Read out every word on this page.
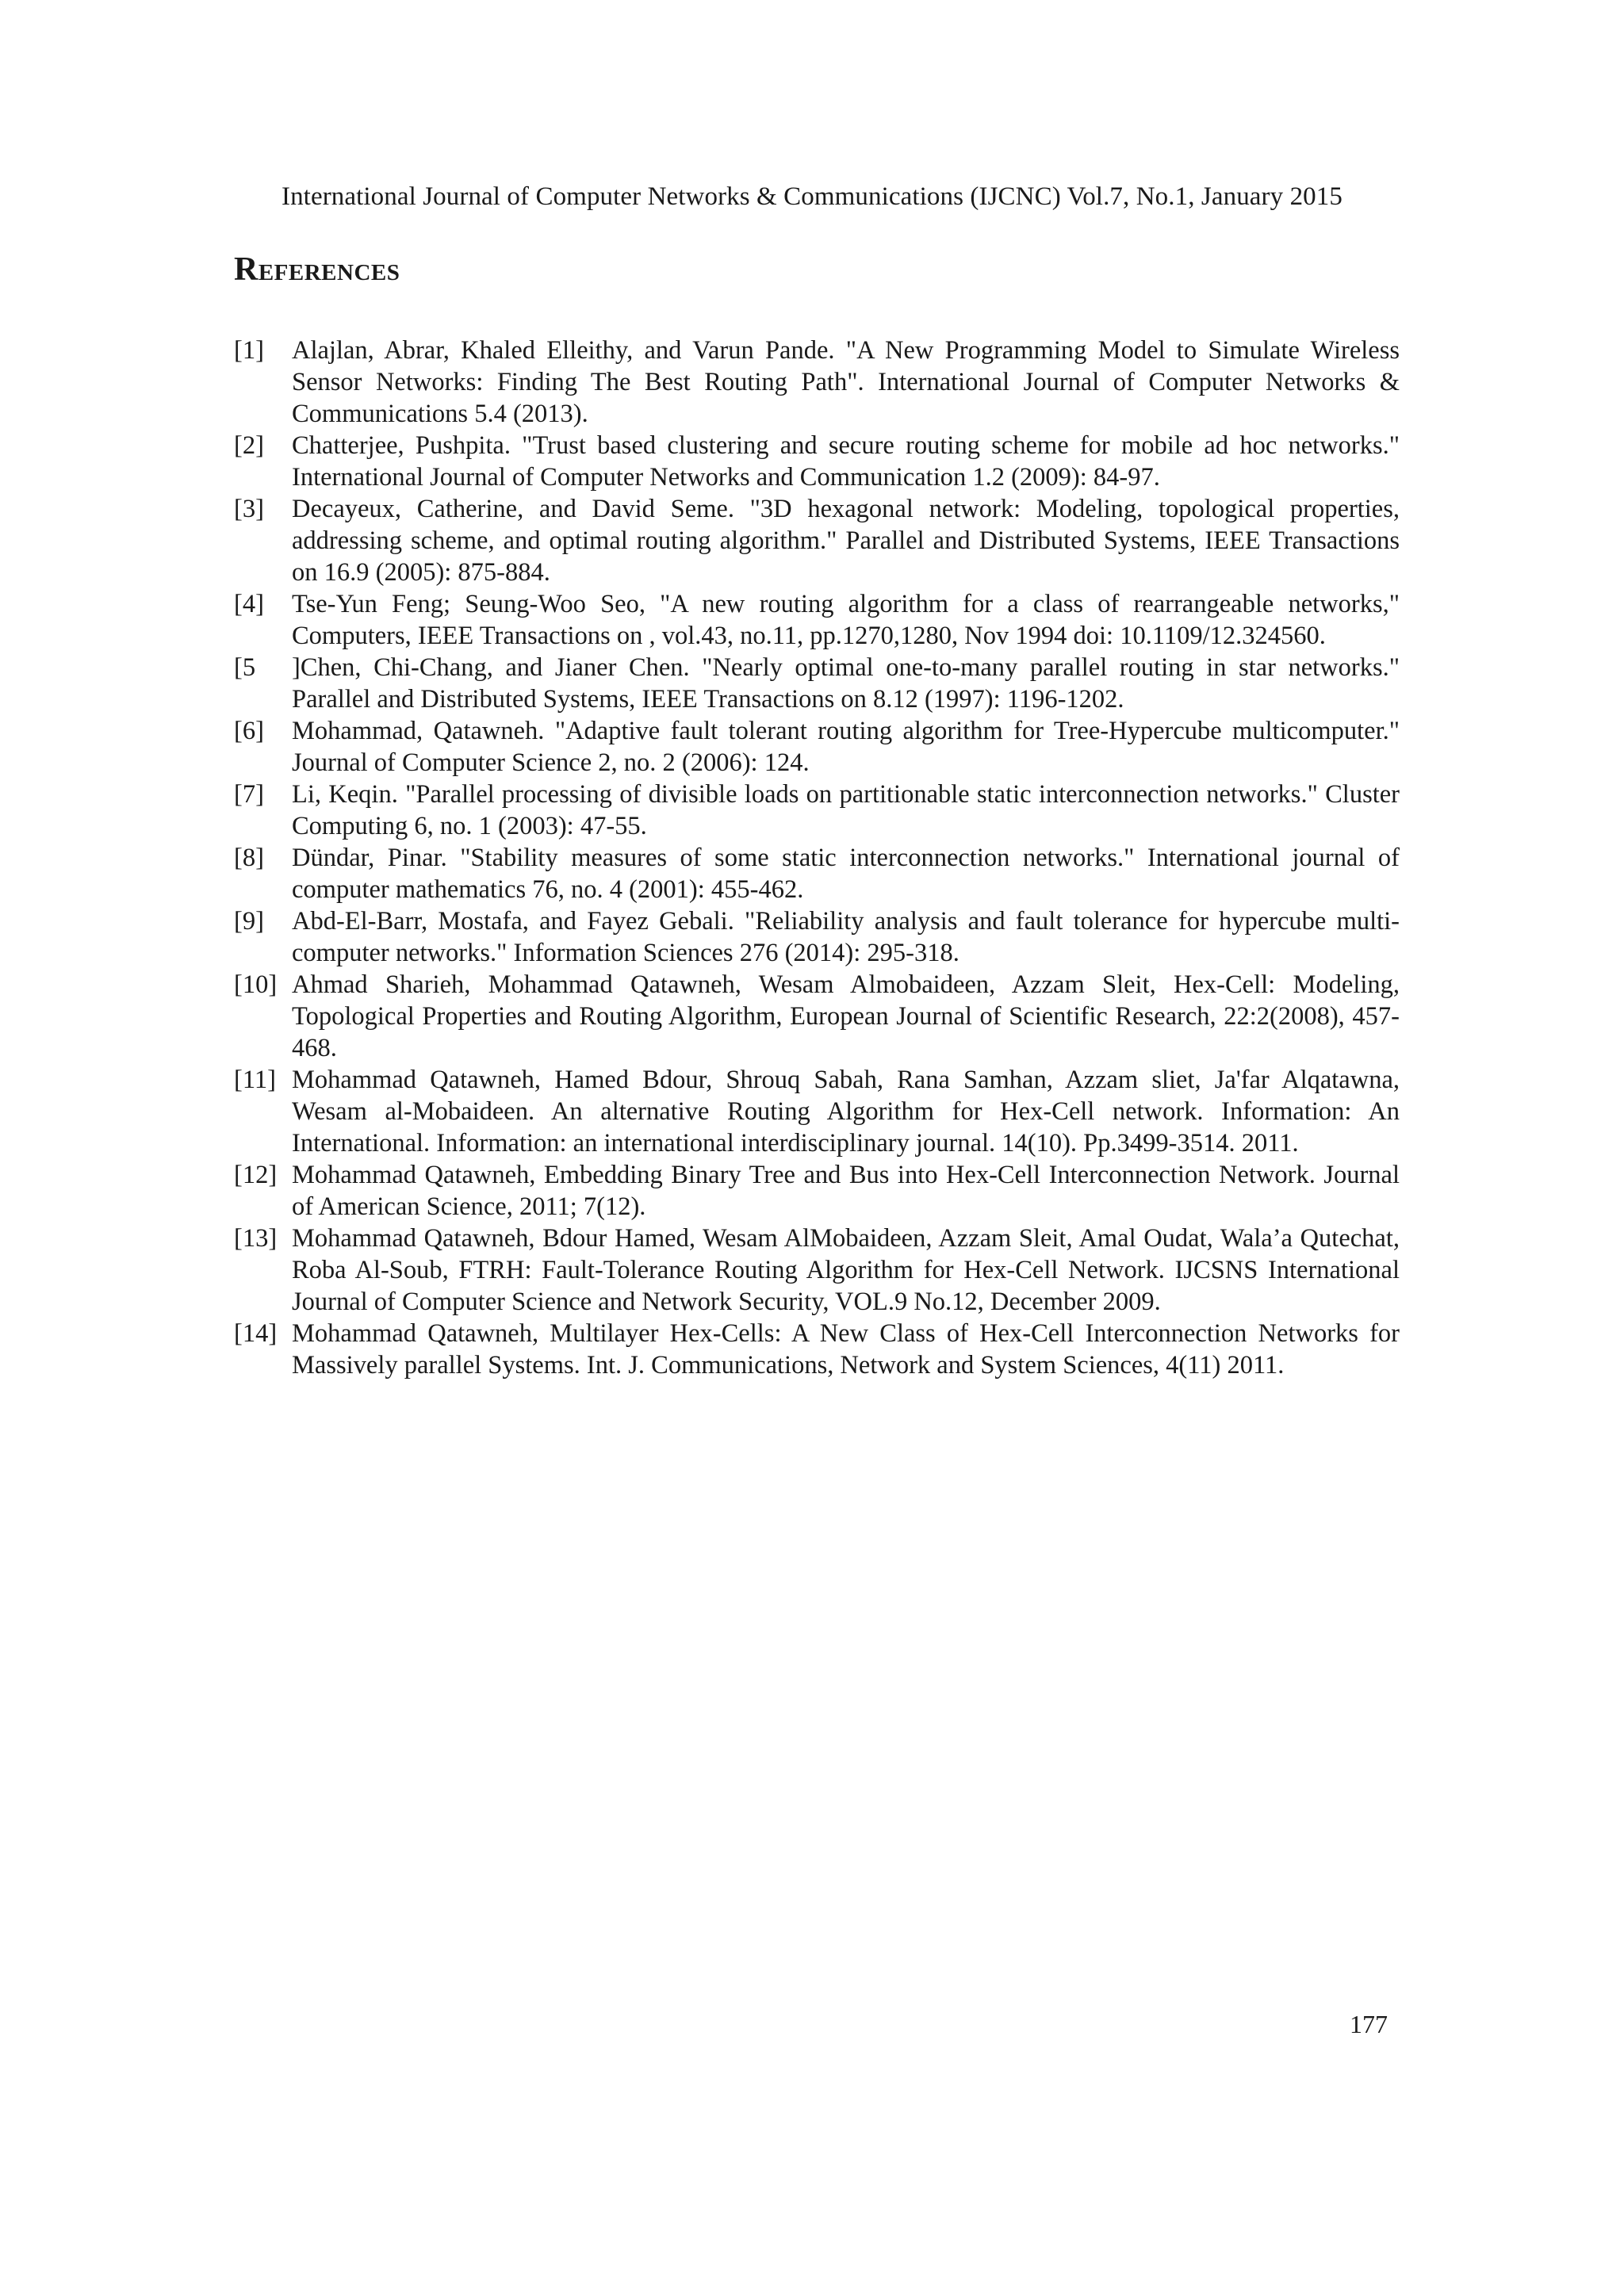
International Journal of Computer Networks & Communications (IJCNC) Vol.7, No.1, January 2015
References
[1] Alajlan, Abrar, Khaled Elleithy, and Varun Pande. "A New Programming Model to Simulate Wireless Sensor Networks: Finding The Best Routing Path". International Journal of Computer Networks & Communications 5.4 (2013).
[2] Chatterjee, Pushpita. "Trust based clustering and secure routing scheme for mobile ad hoc networks." International Journal of Computer Networks and Communication 1.2 (2009): 84-97.
[3] Decayeux, Catherine, and David Seme. "3D hexagonal network: Modeling, topological properties, addressing scheme, and optimal routing algorithm." Parallel and Distributed Systems, IEEE Transactions on 16.9 (2005): 875-884.
[4] Tse-Yun Feng; Seung-Woo Seo, "A new routing algorithm for a class of rearrangeable networks," Computers, IEEE Transactions on , vol.43, no.11, pp.1270,1280, Nov 1994 doi: 10.1109/12.324560.
[5 ]Chen, Chi-Chang, and Jianer Chen. "Nearly optimal one-to-many parallel routing in star networks." Parallel and Distributed Systems, IEEE Transactions on 8.12 (1997): 1196-1202.
[6] Mohammad, Qatawneh. "Adaptive fault tolerant routing algorithm for Tree-Hypercube multicomputer." Journal of Computer Science 2, no. 2 (2006): 124.
[7] Li, Keqin. "Parallel processing of divisible loads on partitionable static interconnection networks." Cluster Computing 6, no. 1 (2003): 47-55.
[8] Dündar, Pinar. "Stability measures of some static interconnection networks." International journal of computer mathematics 76, no. 4 (2001): 455-462.
[9] Abd-El-Barr, Mostafa, and Fayez Gebali. "Reliability analysis and fault tolerance for hypercube multi-computer networks." Information Sciences 276 (2014): 295-318.
[10] Ahmad Sharieh, Mohammad Qatawneh, Wesam Almobaideen, Azzam Sleit, Hex-Cell: Modeling, Topological Properties and Routing Algorithm, European Journal of Scientific Research, 22:2(2008), 457-468.
[11] Mohammad Qatawneh, Hamed Bdour, Shrouq Sabah, Rana Samhan, Azzam sliet, Ja'far Alqatawna, Wesam al-Mobaideen. An alternative Routing Algorithm for Hex-Cell network. Information: An International. Information: an international interdisciplinary journal. 14(10). Pp.3499-3514. 2011.
[12] Mohammad Qatawneh, Embedding Binary Tree and Bus into Hex-Cell Interconnection Network. Journal of American Science, 2011; 7(12).
[13] Mohammad Qatawneh, Bdour Hamed, Wesam AlMobaideen, Azzam Sleit, Amal Oudat, Wala’a Qutechat, Roba Al-Soub, FTRH: Fault-Tolerance Routing Algorithm for Hex-Cell Network. IJCSNS International Journal of Computer Science and Network Security, VOL.9 No.12, December 2009.
[14] Mohammad Qatawneh, Multilayer Hex-Cells: A New Class of Hex-Cell Interconnection Networks for Massively parallel Systems. Int. J. Communications, Network and System Sciences, 4(11) 2011.
177
